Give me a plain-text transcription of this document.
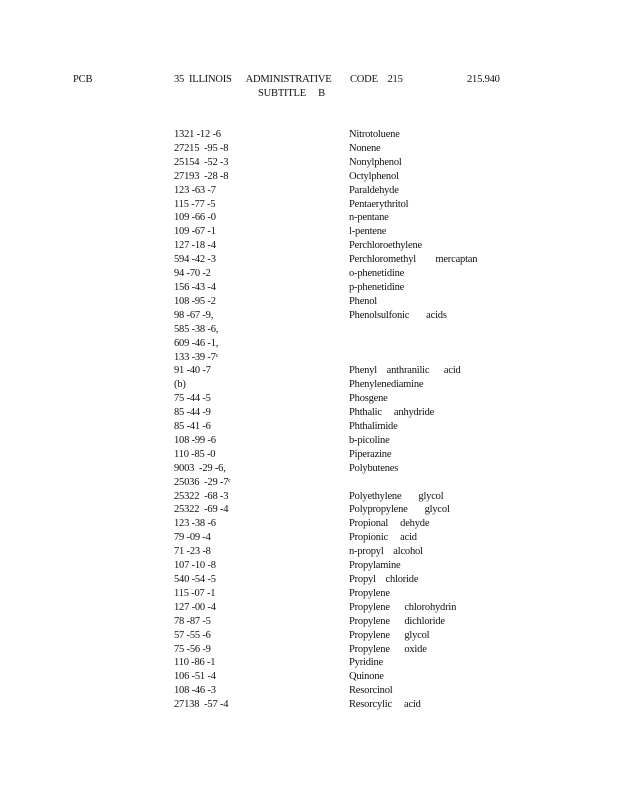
PCB	35  ILLINOIS      ADMINISTRATIVE CODE    215	215.940
SUBTITLE     B
1321 -12 -6	Nitrotoluene
27215  -95 -8	Nonene
25154  -52 -3	Nonylphenol
27193  -28 -8	Octylphenol
123 -63 -7	Paraldehyde
115 -77 -5	Pentaerythritol
109 -66 -0	n-pentane
109 -67 -1	l-pentene
127 -18 -4	Perchloroethylene
594 -42 -3	Perchloromethyl        mercaptan
94 -70 -2	o-phenetidine
156 -43 -4	p-phenetidine
108 -95 -2	Phenol
98 -67 -9,	Phenolsulfonic       acids
585 -38 -6,
609 -46 -1,
133 -39 -7ᶜ
91 -40 -7	Phenyl    anthranilic      acid
(b)	Phenylenediamine
75 -44 -5	Phosgene
85 -44 -9	Phthalic     anhydride
85 -41 -6	Phthalimide
108 -99 -6	b-picoline
110 -85 -0	Piperazine
9003  -29 -6,	Polybutenes
25036  -29 -7ᶜ
25322  -68 -3	Polyethylene       glycol
25322  -69 -4	Polypropylene       glycol
123 -38 -6	Propional     dehyde
79 -09 -4	Propionic     acid
71 -23 -8	n-propyl    alcohol
107 -10 -8	Propylamine
540 -54 -5	Propyl    chloride
115 -07 -1	Propylene
127 -00 -4	Propylene      chlorohydrin
78 -87 -5	Propylene      dichloride
57 -55 -6	Propylene      glycol
75 -56 -9	Propylene      oxide
110 -86 -1	Pyridine
106 -51 -4	Quinone
108 -46 -3	Resorcinol
27138  -57 -4	Resorcylic     acid
